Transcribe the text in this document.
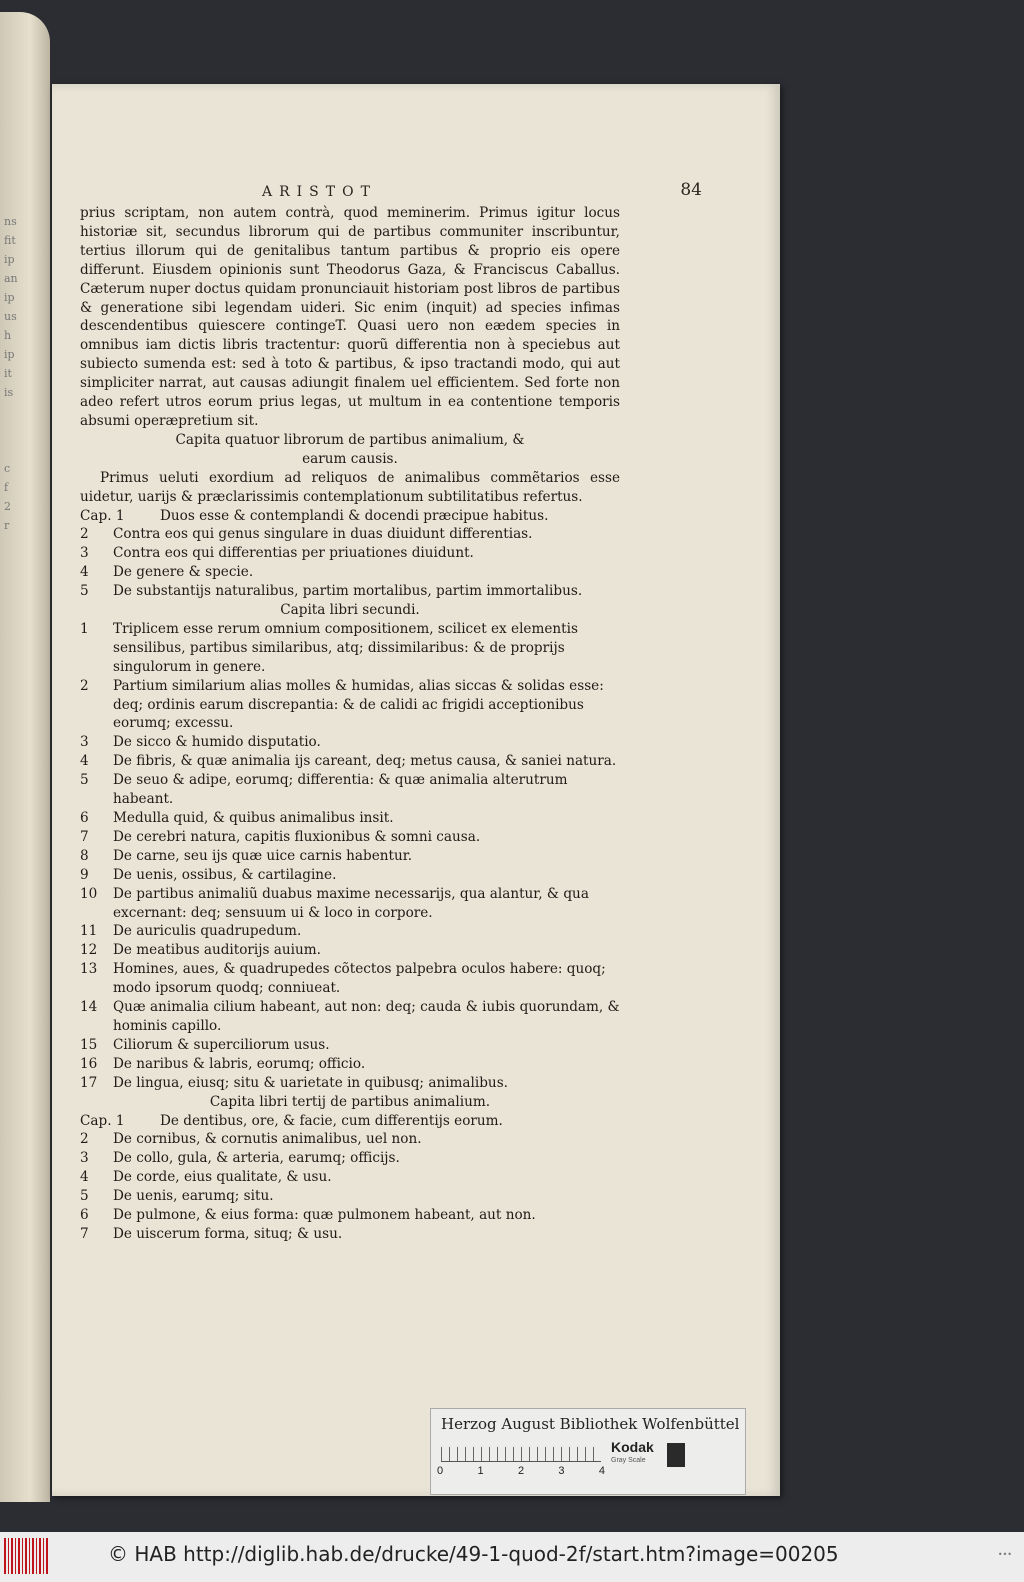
ns
fit
ip
an
ip
us
h
ip
it
is

c
f
2
r
ARISTOT	84

prius scriptam, non autem contrà, quod meminerim. Primus igitur locus historiæ sit, secundus librorum qui de partibus communiter inscribuntur, tertius illorum qui de genitalibus tantum partibus & proprio eis opere differunt. Eiusdem opinionis sunt Theodorus Gaza, & Franciscus Caballus. Cæterum nuper doctus quidam pronunciauit historiam post libros de partibus & generatione sibi legendam uideri. Sic enim (inquit) ad species infimas descendentibus quiescere contingeT. Quasi uero non eædem species in omnibus iam dictis libris tractentur: quorũ differentia non à speciebus aut subiecto sumenda est: sed à toto & partibus, & ipso tractandi modo, qui aut simpliciter narrat, aut causas adiungit finalem uel efficientem. Sed forte non adeo refert utros eorum prius legas, ut multum in ea contentione temporis absumi operæpretium sit.

Capita quatuor librorum de partibus animalium, &

earum causis.

Primus ueluti exordium ad reliquos de animalibus commẽtarios esse uidetur, uarijs & præclarissimis contemplationum subtilitatibus refertus.

Cap. 1	Duos esse & contemplandi & docendi præcipue habitus.
2	Contra eos qui genus singulare in duas diuidunt differentias.
3	Contra eos qui differentias per priuationes diuidunt.
4	De genere & specie.
5	De substantijs naturalibus, partim mortalibus, partim immortalibus.

Capita libri secundi.

1	Triplicem esse rerum omnium compositionem, scilicet ex elementis sensilibus, partibus similaribus, atq; dissimilaribus: & de proprijs singulorum in genere.
2	Partium similarium alias molles & humidas, alias siccas & solidas esse: deq; ordinis earum discrepantia: & de calidi ac frigidi acceptionibus eorumq; excessu.
3	De sicco & humido disputatio.
4	De fibris, & quæ animalia ijs careant, deq; metus causa, & saniei natura.
5	De seuo & adipe, eorumq; differentia: & quæ animalia alterutrum habeant.
6	Medulla quid, & quibus animalibus insit.
7	De cerebri natura, capitis fluxionibus & somni causa.
8	De carne, seu ijs quæ uice carnis habentur.
9	De uenis, ossibus, & cartilagine.
10	De partibus animaliũ duabus maxime necessarijs, qua alantur, & qua excernant: deq; sensuum ui & loco in corpore.
11	De auriculis quadrupedum.
12	De meatibus auditorijs auium.
13	Homines, aues, & quadrupedes cõtectos palpebra oculos habere: quoq; modo ipsorum quodq; conniueat.
14	Quæ animalia cilium habeant, aut non: deq; cauda & iubis quorundam, & hominis capillo.
15	Ciliorum & superciliorum usus.
16	De naribus & labris, eorumq; officio.
17	De lingua, eiusq; situ & uarietate in quibusq; animalibus.

Capita libri tertij de partibus animalium.

Cap. 1	De dentibus, ore, & facie, cum differentijs eorum.
2	De cornibus, & cornutis animalibus, uel non.
3	De collo, gula, & arteria, earumq; officijs.
4	De corde, eius qualitate, & usu.
5	De uenis, earumq; situ.
6	De pulmone, & eius forma: quæ pulmonem habeant, aut non.
7	De uiscerum forma, situq; & usu.
Herzog August Bibliothek Wolfenbüttel
0	1	2	3	4
Kodak
Gray Scale
© HAB http://diglib.hab.de/drucke/49-1-quod-2f/start.htm?image=00205	•••
